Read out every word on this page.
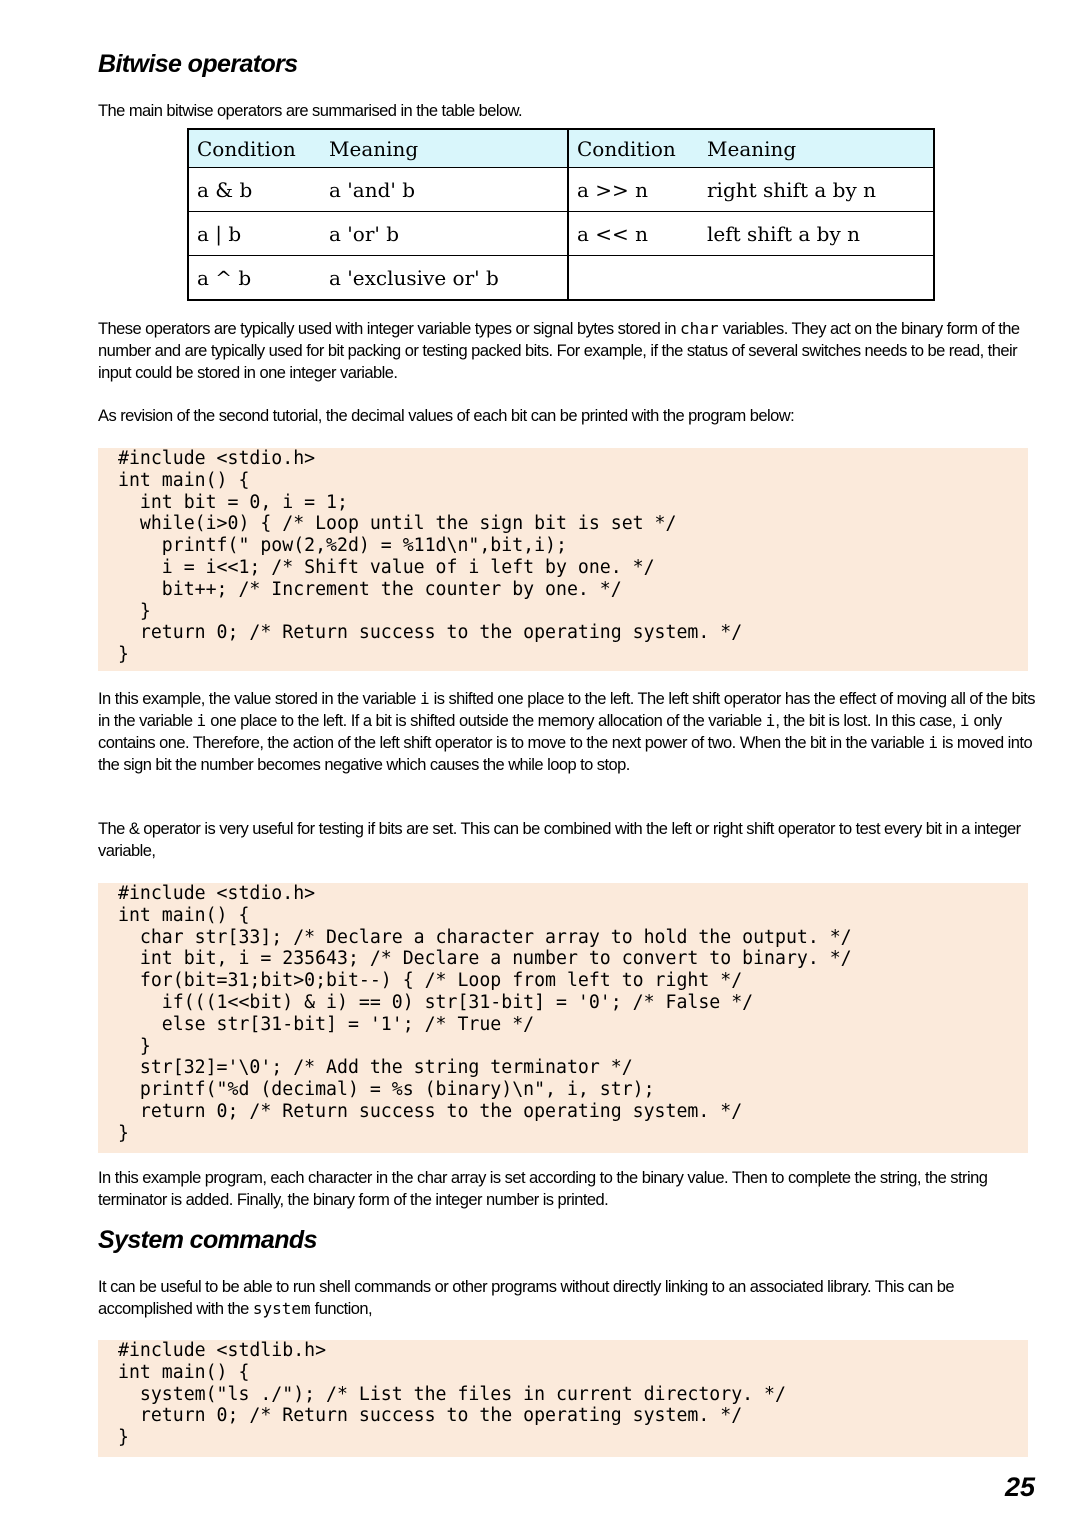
Bitwise operators

The main bitwise operators are summarised in the table below.

Condition	Meaning	Condition	Meaning
a & b	a 'and' b	a >> n	right shift a by n
a | b	a 'or' b	a << n	left shift a by n
a ^ b	a 'exclusive or' b		

These operators are typically used with integer variable types or signal bytes stored in char variables. They act on the binary form of the number and are typically used for bit packing or testing packed bits. For example, if the status of several switches needs to be read, their input could be stored in one integer variable.

As revision of the second tutorial, the decimal values of each bit can be printed with the program below:

#include <stdio.h>
int main() {
int bit = 0, i = 1;
while(i>0) { /* Loop until the sign bit is set */
printf(" pow(2,%2d) = %11d\n",bit,i);
i = i<<1; /* Shift value of i left by one. */
bit++; /* Increment the counter by one. */
}
return 0; /* Return success to the operating system. */
}

In this example, the value stored in the variable i is shifted one place to the left. The left shift operator has the effect of moving all of the bits in the variable i one place to the left. If a bit is shifted outside the memory allocation of the variable i, the bit is lost. In this case, i only contains one. Therefore, the action of the left shift operator is to move to the next power of two. When the bit in the variable i is moved into the sign bit the number becomes negative which causes the while loop to stop.

The & operator is very useful for testing if bits are set. This can be combined with the left or right shift operator to test every bit in a integer variable,

#include <stdio.h>
int main() {
char str[33]; /* Declare a character array to hold the output. */
int bit, i = 235643; /* Declare a number to convert to binary. */
for(bit=31;bit>0;bit--) { /* Loop from left to right */
if(((1<<bit) & i) == 0) str[31-bit] = '0'; /* False */
else str[31-bit] = '1'; /* True */
}
str[32]='\0'; /* Add the string terminator */
printf("%d (decimal) = %s (binary)\n", i, str);
return 0; /* Return success to the operating system. */
}

In this example program, each character in the char array is set according to the binary value. Then to complete the string, the string terminator is added. Finally, the binary form of the integer number is printed.

System commands

It can be useful to be able to run shell commands or other programs without directly linking to an associated library. This can be accomplished with the system function,

#include <stdlib.h>
int main() {
system("ls ./"); /* List the files in current directory. */
return 0; /* Return success to the operating system. */
}
25
